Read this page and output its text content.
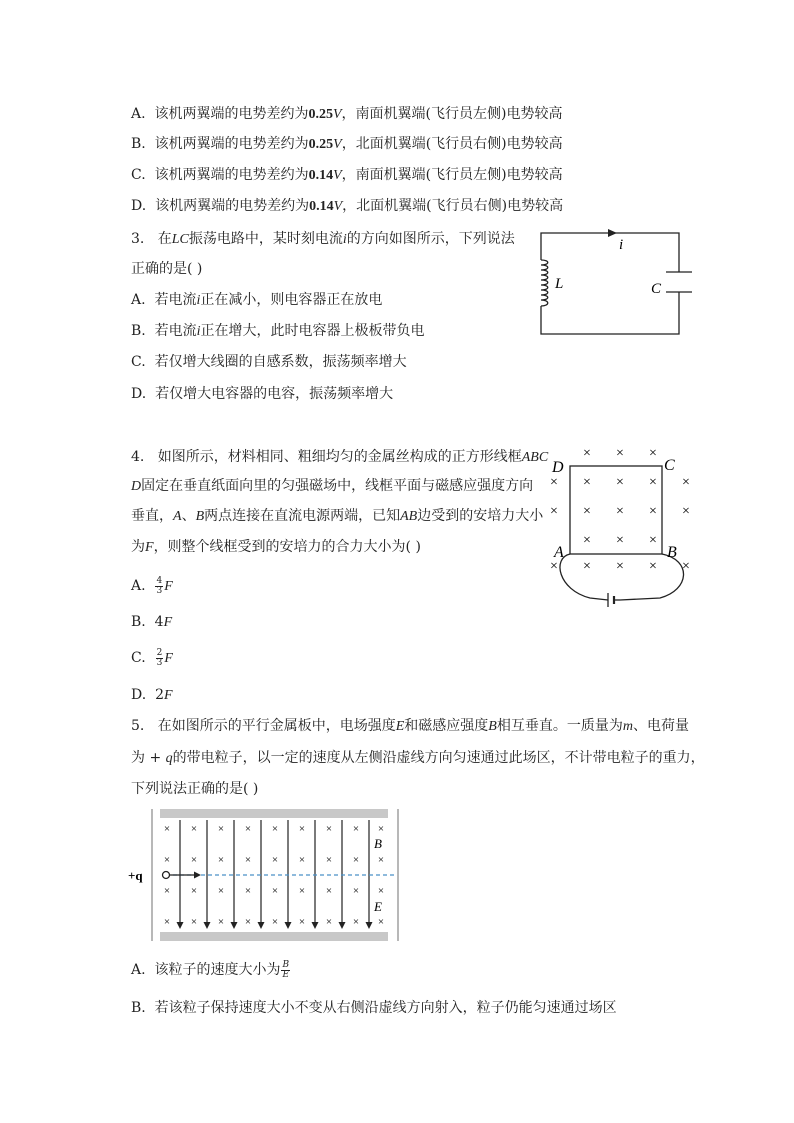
A. 该机两翼端的电势差约为0.25V，南面机翼端(飞行员左侧)电势较高
B. 该机两翼端的电势差约为0.25V，北面机翼端(飞行员右侧)电势较高
C. 该机两翼端的电势差约为0.14V，南面机翼端(飞行员左侧)电势较高
D. 该机两翼端的电势差约为0.14V，北面机翼端(飞行员右侧)电势较高
3. 在LC振荡电路中，某时刻电流i的方向如图所示，下列说法
正确的是( )
A. 若电流i正在减小，则电容器正在放电
B. 若电流i正在增大，此时电容器上极板带负电
C. 若仅增大线圈的自感系数，振荡频率增大
D. 若仅增大电容器的电容，振荡频率增大
i
L	C
4. 如图所示，材料相同、粗细均匀的金属丝构成的正方形线框ABC
D固定在垂直纸面向里的匀强磁场中，线框平面与磁感应强度方向
垂直，A、B两点连接在直流电源两端，已知AB边受到的安培力大小
为F，则整个线框受到的安培力的合力大小为( )
A. $\frac{4}{3}$ F
B. 4F
C. $\frac{2}{3}$ F
D. 2F
× × ×
× × × × ×
× × × × ×
× × ×
× × × × ×
D	C
A	B
5. 在如图所示的平行金属板中，电场强度E和磁感应强度B相互垂直。一质量为m、电荷量
为 + q的带电粒子，以一定的速度从左侧沿虚线方向匀速通过此场区，不计带电粒子的重力，
下列说法正确的是( )
× × × × × × × × ×
× × × × × × × × ×
× × × × × × × × ×
× × × × × × × × ×
+q
B
E
A. 该粒子的速度大小为 $\frac{B}{E}$
B. 若该粒子保持速度大小不变从右侧沿虚线方向射入，粒子仍能匀速通过场区
